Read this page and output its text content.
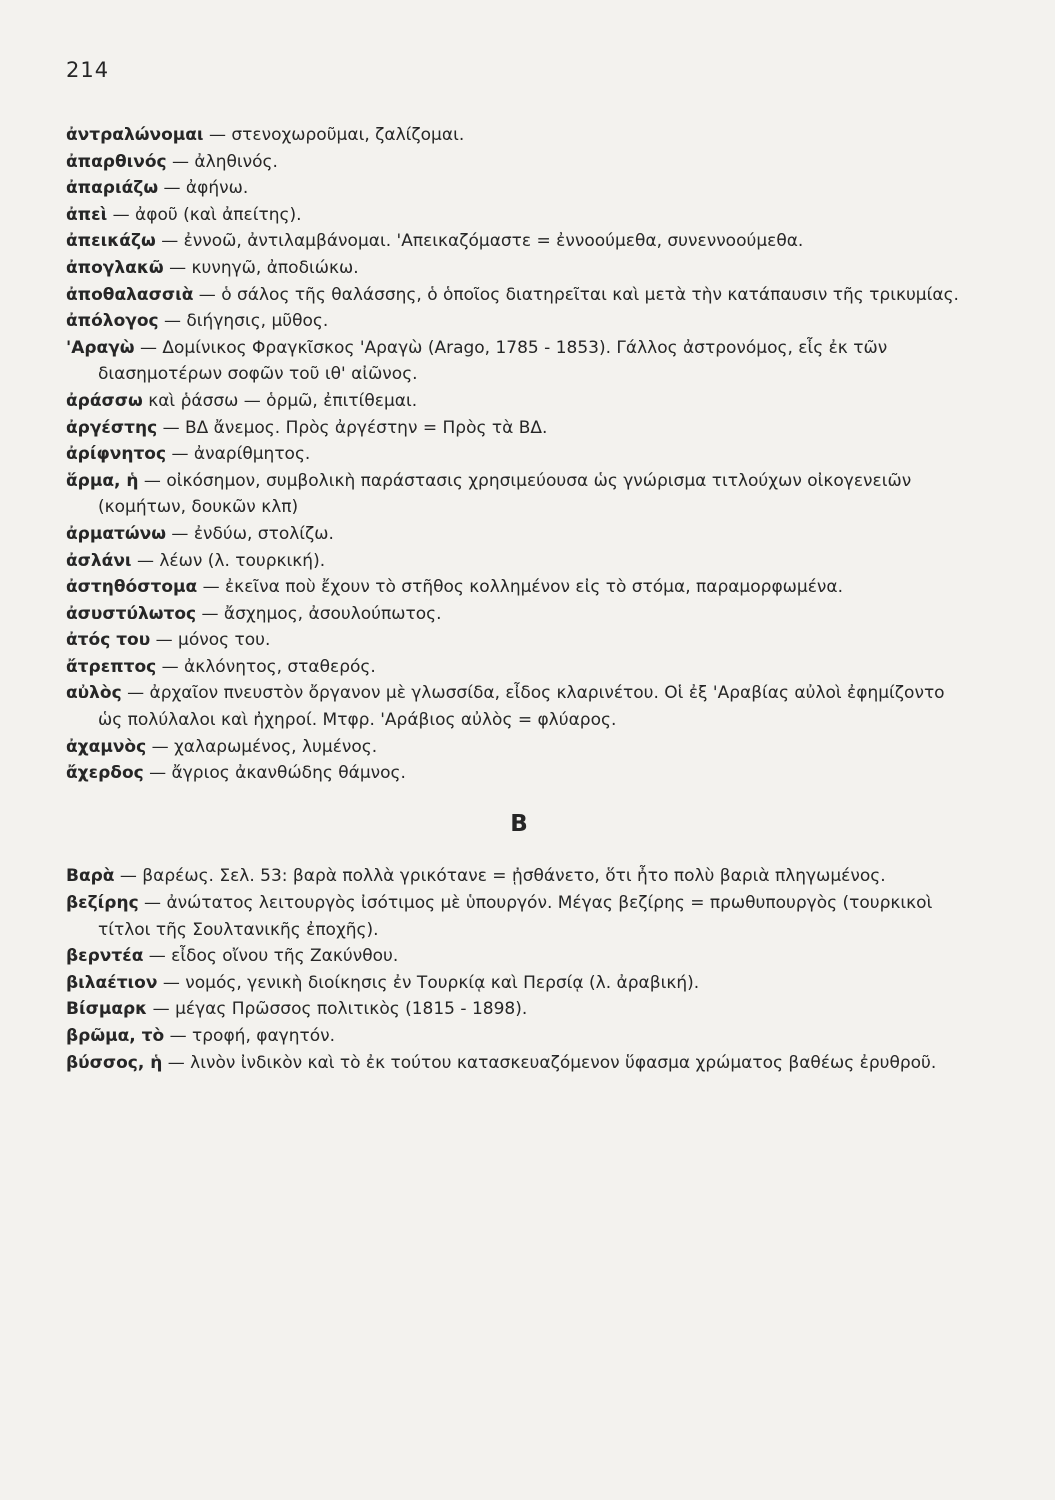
214

ἀντραλώνομαι — στενοχωροῦμαι, ζαλίζομαι.

ἀπαρθινός — ἀληθινός.

ἀπαριάζω — ἀφήνω.

ἀπεὶ — ἀφοῦ (καὶ ἀπείτης).

ἀπεικάζω — ἐννοῶ, ἀντιλαμβάνομαι. 'Απεικαζόμαστε = ἐννοούμεθα, συνεννοούμεθα.

ἀπογλακῶ — κυνηγῶ, ἀποδιώκω.

ἀποθαλασσιὰ — ὁ σάλος τῆς θαλάσσης, ὁ ὁποῖος διατηρεῖται καὶ μετὰ τὴν κατάπαυσιν τῆς τρικυμίας.

ἀπόλογος — διήγησις, μῦθος.

'Αραγὼ — Δομίνικος Φραγκῖσκος 'Αραγὼ (Arago, 1785 - 1853). Γάλλος ἀστρονόμος, εἷς ἐκ τῶν διασημοτέρων σοφῶν τοῦ ιθ' αἰῶνος.

ἀράσσω καὶ ῥάσσω — ὁρμῶ, ἐπιτίθεμαι.

ἀργέστης — ΒΔ ἄνεμος. Πρὸς ἀργέστην = Πρὸς τὰ ΒΔ.

ἀρίφνητος — ἀναρίθμητος.

ἅρμα, ἡ — οἰκόσημον, συμβολικὴ παράστασις χρησιμεύουσα ὡς γνώρισμα τιτλούχων οἰκογενειῶν (κομήτων, δουκῶν κλπ)

ἀρματώνω — ἐνδύω, στολίζω.

ἀσλάνι — λέων (λ. τουρκική).

ἀστηθόστομα — ἐκεῖνα ποὺ ἔχουν τὸ στῆθος κολλημένον εἰς τὸ στόμα, παραμορφωμένα.

ἀσυστύλωτος — ἄσχημος, ἀσουλούπωτος.

ἀτός του — μόνος του.

ἄτρεπτος — ἀκλόνητος, σταθερός.

αὐλὸς — ἀρχαῖον πνευστὸν ὄργανον μὲ γλωσσίδα, εἶδος κλαρινέτου. Οἱ ἐξ 'Αραβίας αὐλοὶ ἐφημίζοντο ὡς πολύλαλοι καὶ ἠχηροί. Μτφρ. 'Αράβιος αὐλὸς = φλύαρος.

ἀχαμνὸς — χαλαρωμένος, λυμένος.

ἄχερδος — ἄγριος ἀκανθώδης θάμνος.

Β

Βαρὰ — βαρέως. Σελ. 53: βαρὰ πολλὰ γρικότανε = ᾐσθάνετο, ὅτι ἦτο πολὺ βαριὰ πληγωμένος.

βεζίρης — ἀνώτατος λειτουργὸς ἰσότιμος μὲ ὑπουργόν. Μέγας βεζίρης = πρωθυπουργὸς (τουρκικοὶ τίτλοι τῆς Σουλτανικῆς ἐποχῆς).

βερντέα — εἶδος οἴνου τῆς Ζακύνθου.

βιλαέτιον — νομός, γενικὴ διοίκησις ἐν Τουρκίᾳ καὶ Περσίᾳ (λ. ἀραβική).

Βίσμαρκ — μέγας Πρῶσσος πολιτικὸς (1815 - 1898).

βρῶμα, τὸ — τροφή, φαγητόν.

βύσσος, ἡ — λινὸν ἰνδικὸν καὶ τὸ ἐκ τούτου κατασκευαζόμενον ὕφασμα χρώματος βαθέως ἐρυθροῦ.
